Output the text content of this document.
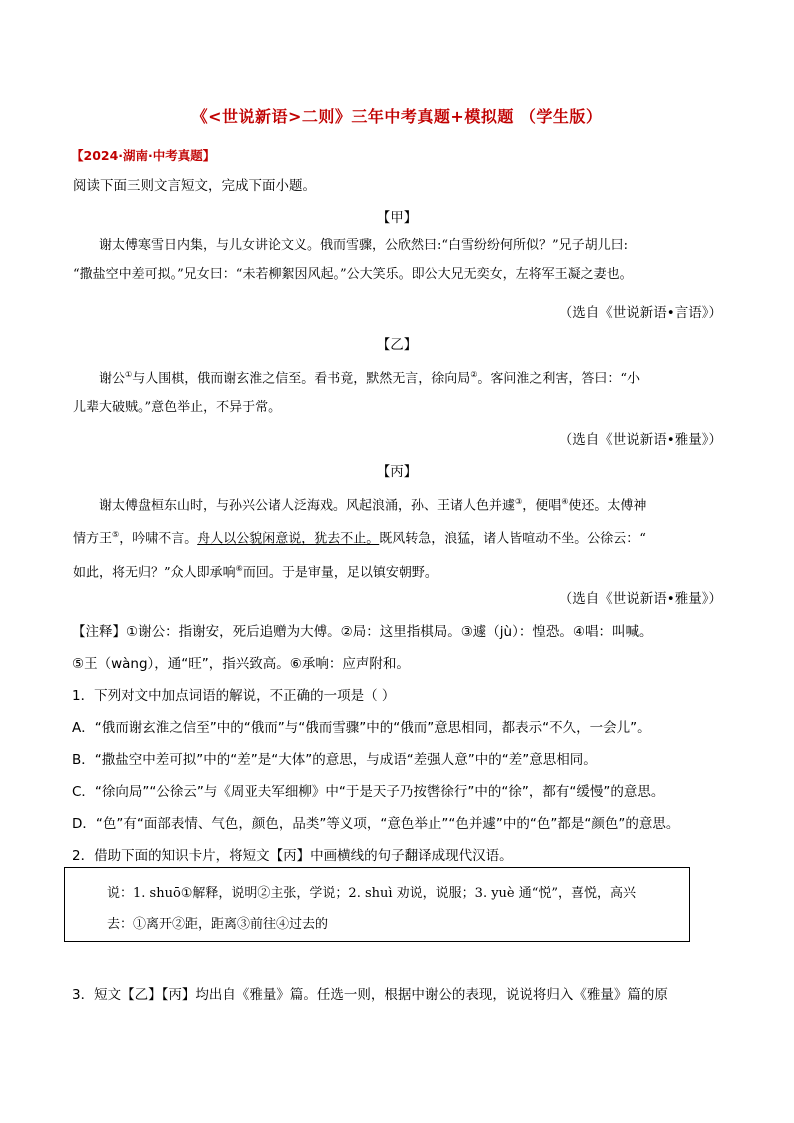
《<世说新语>二则》三年中考真题+模拟题 （学生版）
【2024·湖南·中考真题】
阅读下面三则文言短文，完成下面小题。
【甲】

谢太傅寒雪日内集，与儿女讲论文义。俄而雪骤，公欣然曰:“白雪纷纷何所似？”兄子胡儿曰:

“撒盐空中差可拟。”兄女曰：“未若柳絮因风起。”公大笑乐。即公大兄无奕女，左将军王凝之妻也。

（选自《世说新语•言语》）
【乙】

谢公①与人围棋，俄而谢玄淮之信至。看书竟，默然无言，徐向局②。客问淮之利害，答曰：“小

儿辈大破贼。”意色举止，不异于常。

（选自《世说新语•雅量》）
【丙】

谢太傅盘桓东山时，与孙兴公诸人泛海戏。风起浪涌，孙、王诸人色并遽③，便唱④使还。太傅神

情方王⑤，吟啸不言。舟人以公貌闲意说，犹去不止。既风转急，浪猛，诸人皆喧动不坐。公徐云：“

如此，将无归？”众人即承响⑥而回。于是审量，足以镇安朝野。

（选自《世说新语•雅量》）
【注释】①谢公：指谢安，死后追赠为大傅。②局：这里指棋局。③遽（jù）：惶恐。④唱：叫喊。
⑤王（wàng），通“旺”，指兴致高。⑥承响：应声附和。
1．下列对文中加点词语的解说，不正确的一项是（ ）
A．“俄而谢玄淮之信至”中的“俄而”与“俄而雪骤”中的“俄而”意思相同，都表示“不久，一会儿”。
B．“撒盐空中差可拟”中的“差”是“大体”的意思，与成语“差强人意”中的“差”意思相同。
C．“徐向局”“公徐云”与《周亚夫军细柳》中“于是天子乃按辔徐行”中的“徐”，都有“缓慢”的意思。
D．“色”有“面部表情、气色，颜色，品类”等义项，“意色举止”“色并遽”中的“色”都是“颜色”的意思。
2．借助下面的知识卡片，将短文【丙】中画横线的句子翻译成现代汉语。
说：1. shuō①解释，说明②主张，学说；2. shuì 劝说，说服；3. yuè 通“悦”，喜悦，高兴
去：①离开②距，距离③前往④过去的
3．短文【乙】【丙】均出自《雅量》篇。任选一则，根据中谢公的表现，说说将归入《雅量》篇的原
